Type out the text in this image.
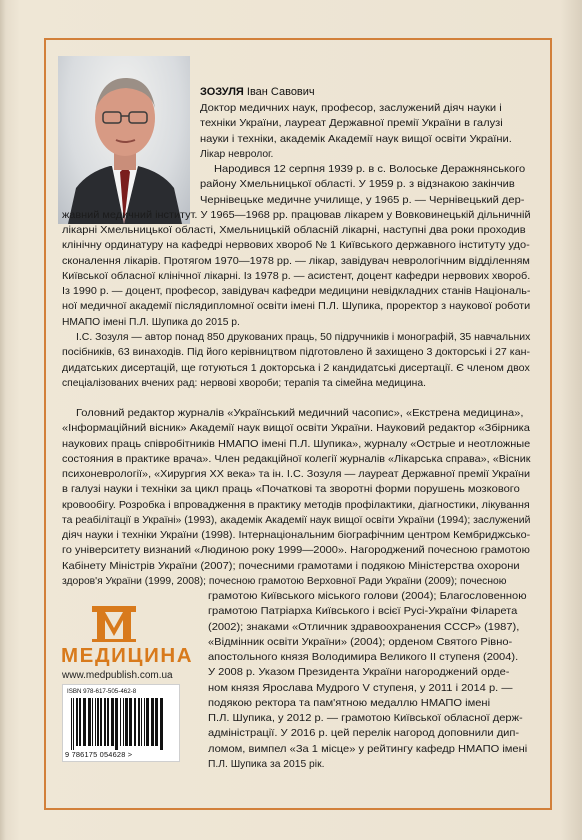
ЗОЗУЛЯ Іван Савович
Доктор медичних наук, професор, заслужений діяч науки і
техніки України, лауреат Державної премії України в галузі
науки і техніки, академік Академії наук вищої освіти України.
Лікар невролог.
Народився 12 серпня 1939 р. в с. Волоське Деражнянського
району Хмельницької області. У 1959 р. з відзнакою закінчив
Чернівецьке медичне училище, у 1965 р. — Чернівецький дер-
жавний медичний інститут. У 1965—1968 рр. працював лікарем у Вовковинецькій дільничній
лікарні Хмельницької області, Хмельницькій обласній лікарні, наступні два роки проходив
клінічну ординатуру на кафедрі нервових хвороб № 1 Київського державного інституту удо-
сконалення лікарів. Протягом 1970—1978 рр. — лікар, завідувач неврологічним відділенням
Київської обласної клінічної лікарні. Із 1978 р. — асистент, доцент кафедри нервових хвороб.
Із 1990 р. — доцент, професор, завідувач кафедри медицини невідкладних станів Національ-
ної медичної академії післядипломної освіти імені П.Л. Шупика, проректор з наукової роботи
НМАПО імені П.Л. Шупика до 2015 р.
І.С. Зозуля — автор понад 850 друкованих праць, 50 підручників і монографій, 35 навчальних
посібників, 63 винаходів. Під його керівництвом підготовлено й захищено 3 докторські і 27 кан-
дидатських дисертацій, ще готуються 1 докторська і 2 кандидатські дисертації. Є членом двох
спеціалізованих вчених рад: нервові хвороби; терапія та сімейна медицина.
Головний редактор журналів «Український медичний часопис», «Екстрена медицина»,
«Інформаційний вісник» Академії наук вищої освіти України. Науковий редактор «Збірника
наукових праць співробітників НМАПО імені П.Л. Шупика», журналу «Острые и неотложные
состояния в практике врача». Член редакційної колегії журналів «Лікарська справа», «Вісник
психоневрології», «Хирургия XX века» та ін. І.С. Зозуля — лауреат Державної премії України
в галузі науки і техніки за цикл праць «Початкові та зворотні форми порушень мозкового
кровообігу. Розробка і впровадження в практику методів профілактики, діагностики, лікування
та реабілітації в Україні» (1993), академік Академії наук вищої освіти України (1994); заслужений
діяч науки і техніки України (1998). Інтернаціональним біографічним центром Кембриджсько-
го університету визнаний «Людиною року 1999—2000». Нагороджений почесною грамотою
Кабінету Міністрів України (2007); почесними грамотами і подякою Міністерства охорони
здоров'я України (1999, 2008); почесною грамотою Верховної Ради України (2009); почесною
грамотою Київського міського голови (2004); Благословенною
грамотою Патріарха Київського і всієї Русі-України Філарета
(2002); знаками «Отличник здравоохранения СССР» (1987),
«Відмінник освіти України» (2004); орденом Святого Рівно-
апостольного князя Володимира Великого II ступеня (2004).
У 2008 р. Указом Президента України нагороджений орде-
ном князя Ярослава Мудрого V ступеня, у 2011 і 2014 р. —
подякою ректора та пам'ятною медаллю НМАПО імені
П.Л. Шупика, у 2012 р. — грамотою Київської обласної держ-
адміністрації. У 2016 р. цей перелік нагород доповнили дип-
ломом, вимпел «За 1 місце» у рейтингу кафедр НМАПО імені
П.Л. Шупика за 2015 рік.
МЕДИЦИНА
www.medpublish.com.ua
ISBN 978-617-505-462-8
9 786175 054628 >
